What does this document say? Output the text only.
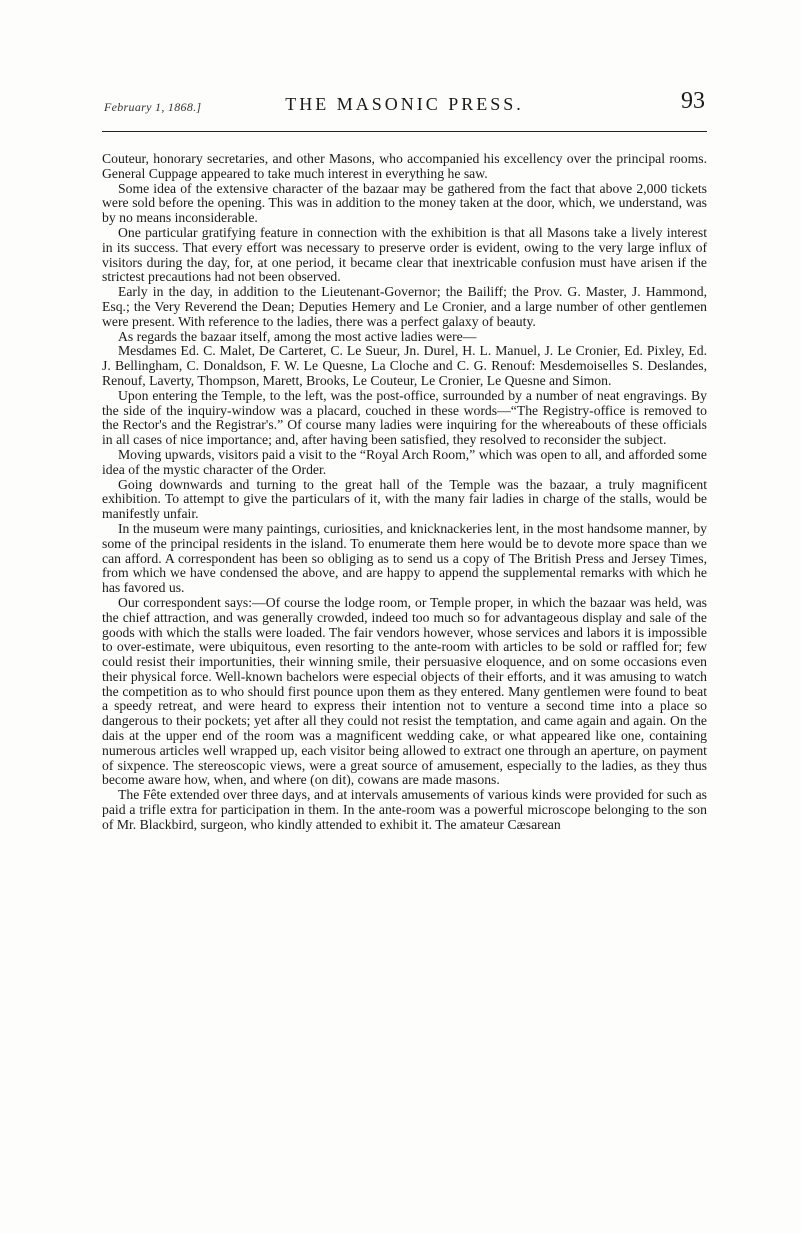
February 1, 1868.]	THE MASONIC PRESS.	93

Couteur, honorary secretaries, and other Masons, who accompanied his excellency over the principal rooms. General Cuppage appeared to take much interest in everything he saw.

Some idea of the extensive character of the bazaar may be gathered from the fact that above 2,000 tickets were sold before the opening. This was in addition to the money taken at the door, which, we understand, was by no means inconsiderable.

One particular gratifying feature in connection with the exhibition is that all Masons take a lively interest in its success. That every effort was necessary to preserve order is evident, owing to the very large influx of visitors during the day, for, at one period, it became clear that inextricable confusion must have arisen if the strictest precautions had not been observed.

Early in the day, in addition to the Lieutenant-Governor; the Bailiff; the Prov. G. Master, J. Hammond, Esq.; the Very Reverend the Dean; Deputies Hemery and Le Cronier, and a large number of other gentlemen were present. With reference to the ladies, there was a perfect galaxy of beauty.

As regards the bazaar itself, among the most active ladies were—

Mesdames Ed. C. Malet, De Carteret, C. Le Sueur, Jn. Durel, H. L. Manuel, J. Le Cronier, Ed. Pixley, Ed. J. Bellingham, C. Donaldson, F. W. Le Quesne, La Cloche and C. G. Renouf: Mesdemoiselles S. Deslandes, Renouf, Laverty, Thompson, Marett, Brooks, Le Couteur, Le Cronier, Le Quesne and Simon.

Upon entering the Temple, to the left, was the post-office, surrounded by a number of neat engravings. By the side of the inquiry-window was a placard, couched in these words—“The Registry-office is removed to the Rector's and the Registrar's.” Of course many ladies were inquiring for the whereabouts of these officials in all cases of nice importance; and, after having been satisfied, they resolved to reconsider the subject.

Moving upwards, visitors paid a visit to the “Royal Arch Room,” which was open to all, and afforded some idea of the mystic character of the Order.

Going downwards and turning to the great hall of the Temple was the bazaar, a truly magnificent exhibition. To attempt to give the particulars of it, with the many fair ladies in charge of the stalls, would be manifestly unfair.

In the museum were many paintings, curiosities, and knicknackeries lent, in the most handsome manner, by some of the principal residents in the island. To enumerate them here would be to devote more space than we can afford. A correspondent has been so obliging as to send us a copy of The British Press and Jersey Times, from which we have condensed the above, and are happy to append the supplemental remarks with which he has favored us.

Our correspondent says:—Of course the lodge room, or Temple proper, in which the bazaar was held, was the chief attraction, and was generally crowded, indeed too much so for advantageous display and sale of the goods with which the stalls were loaded. The fair vendors however, whose services and labors it is impossible to over-estimate, were ubiquitous, even resorting to the ante-room with articles to be sold or raffled for; few could resist their importunities, their winning smile, their persuasive eloquence, and on some occasions even their physical force. Well-known bachelors were especial objects of their efforts, and it was amusing to watch the competition as to who should first pounce upon them as they entered. Many gentlemen were found to beat a speedy retreat, and were heard to express their intention not to venture a second time into a place so dangerous to their pockets; yet after all they could not resist the temptation, and came again and again. On the dais at the upper end of the room was a magnificent wedding cake, or what appeared like one, containing numerous articles well wrapped up, each visitor being allowed to extract one through an aperture, on payment of sixpence. The stereoscopic views, were a great source of amusement, especially to the ladies, as they thus become aware how, when, and where (on dit), cowans are made masons.

The Fête extended over three days, and at intervals amusements of various kinds were provided for such as paid a trifle extra for participation in them. In the ante-room was a powerful microscope belonging to the son of Mr. Blackbird, surgeon, who kindly attended to exhibit it. The amateur Cæsarean
